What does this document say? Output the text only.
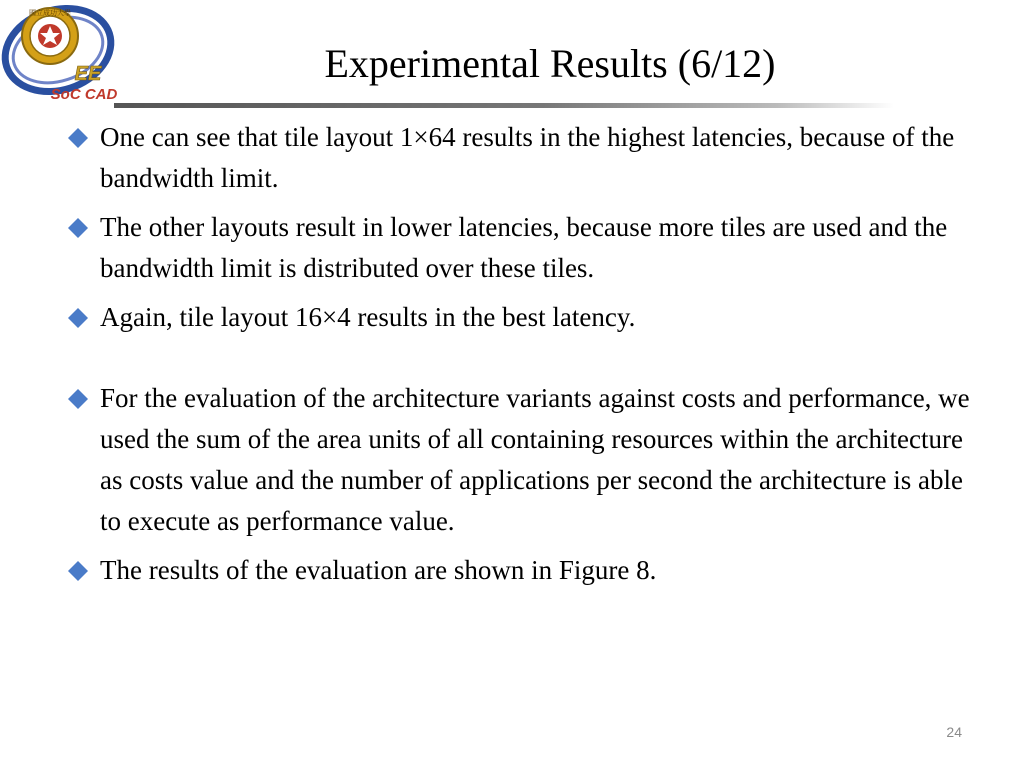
國立成功大學
EE
SoC CAD
Experimental Results (6/12)
One can see that tile layout 1×64 results in the highest latencies, because of the bandwidth limit.
The other layouts result in lower latencies, because more tiles are used and the bandwidth limit is distributed over these tiles.
Again, tile layout 16×4 results in the best latency.
For the evaluation of the architecture variants against costs and performance, we used the sum of the area units of all containing resources within the architecture as costs value and the number of applications per second the architecture is able to execute as performance value.
The results of the evaluation are shown in Figure 8.
24
